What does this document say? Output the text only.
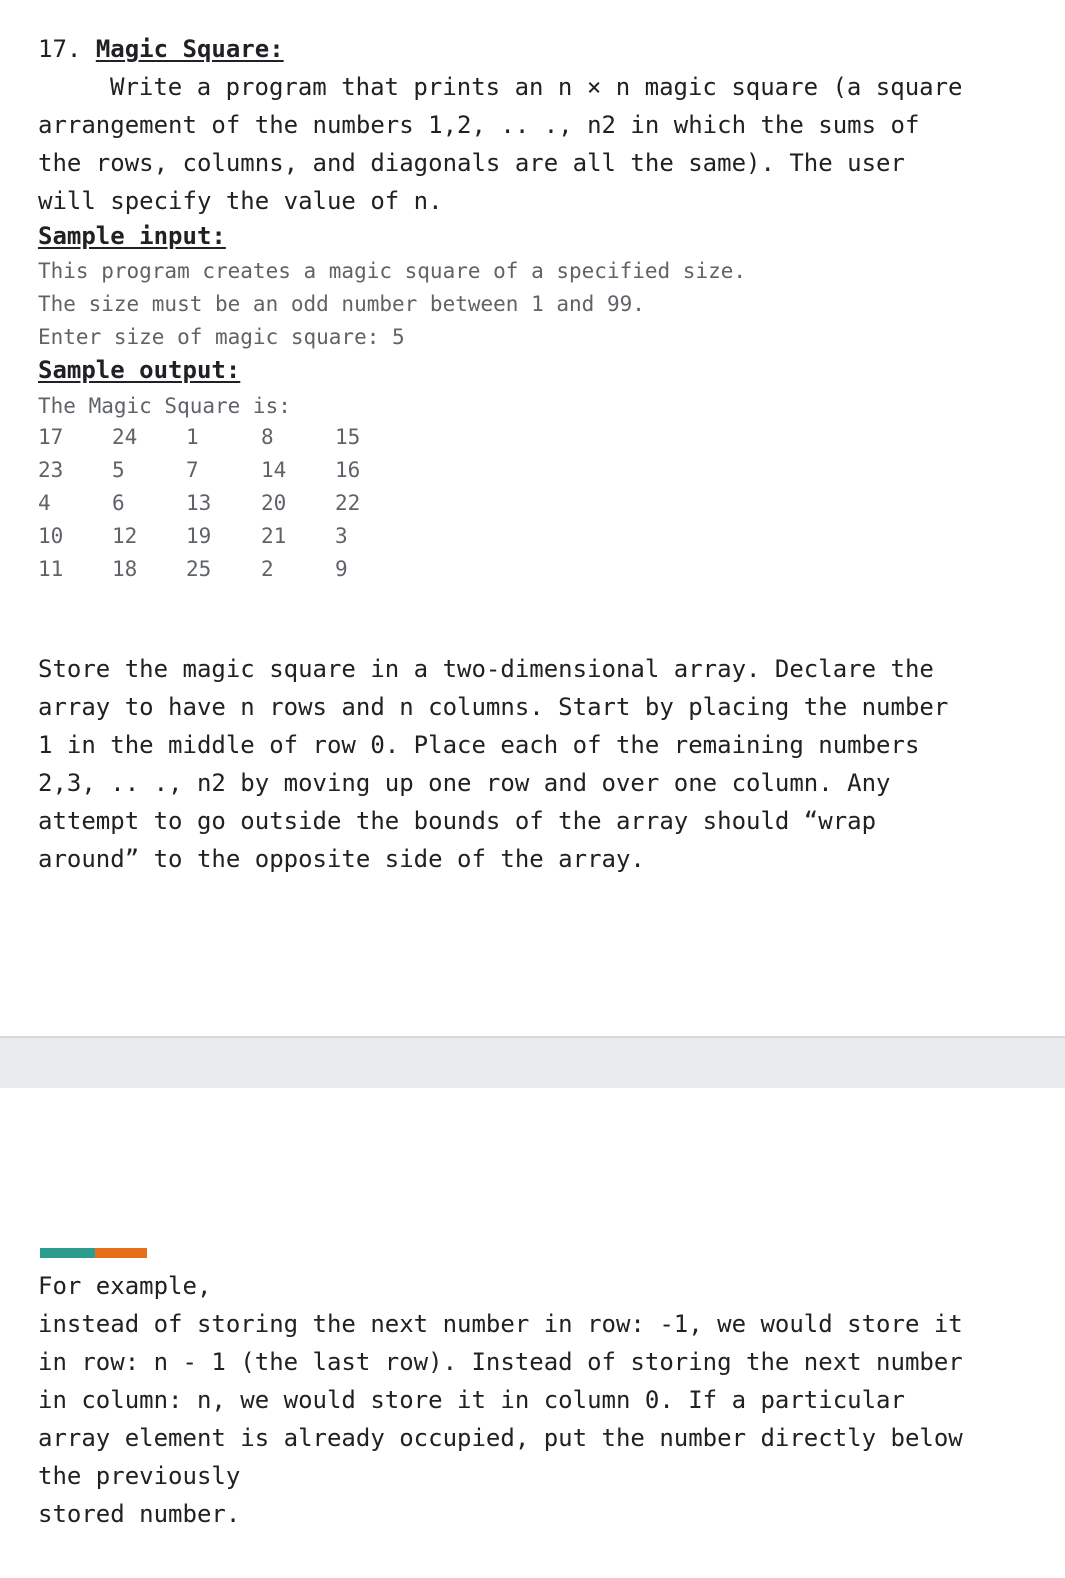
17. Magic Square:
Write a program that prints an n × n magic square (a square
arrangement of the numbers 1,2, .. ., n2 in which the sums of
the rows, columns, and diagonals are all the same). The user
will specify the value of n.
Sample input:
This program creates a magic square of a specified size.
The size must be an odd number between 1 and 99.
Enter size of magic square: 5
Sample output:
The Magic Square is:
17 24 1	8	15
23 5	7	14 16
4	6	13 20 22
10 12 19 21 3
11 18 25 2	9
Store the magic square in a two-dimensional array. Declare the
array to have n rows and n columns. Start by placing the number
1 in the middle of row 0. Place each of the remaining numbers
2,3, .. ., n2 by moving up one row and over one column. Any
attempt to go outside the bounds of the array should “wrap
around” to the opposite side of the array.
For example,
instead of storing the next number in row: -1, we would store it
in row: n - 1 (the last row). Instead of storing the next number
in column: n, we would store it in column 0. If a particular
array element is already occupied, put the number directly below
the previously
stored number.
